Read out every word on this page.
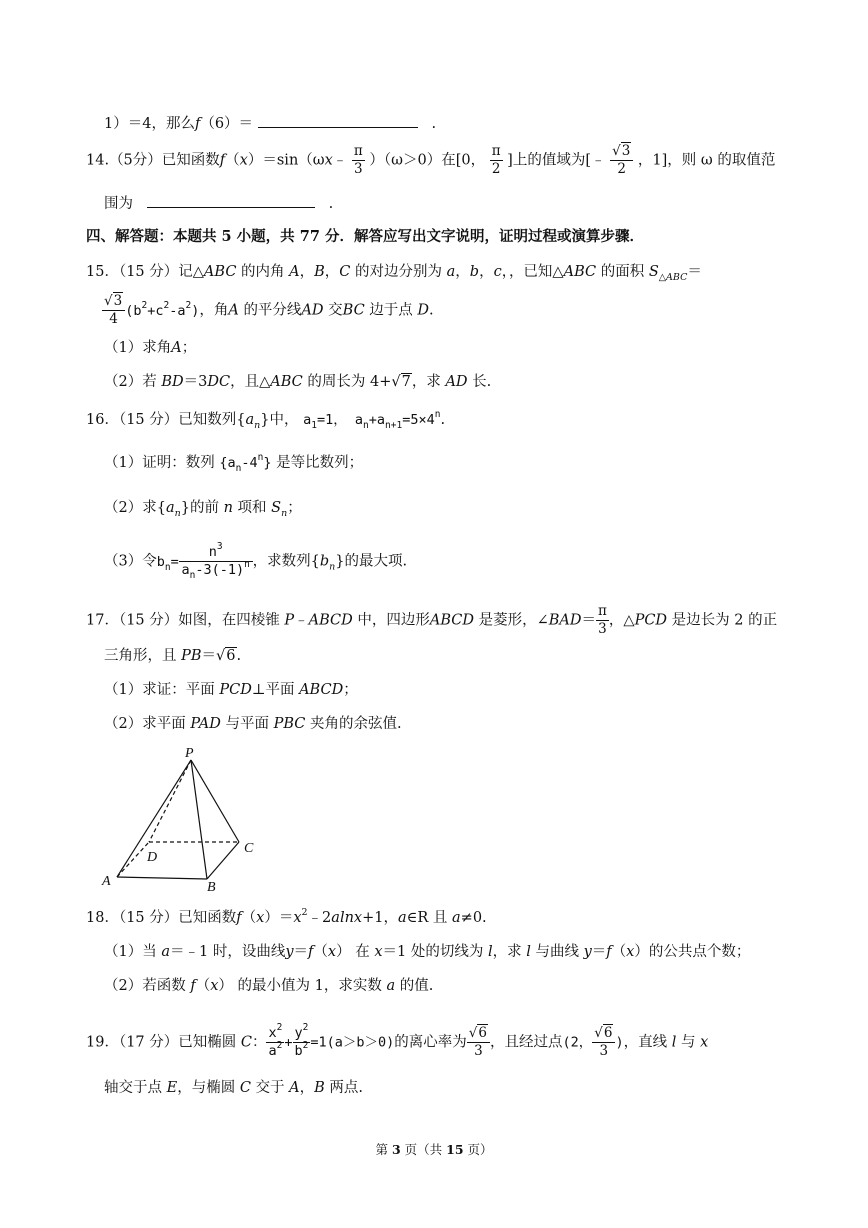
1）＝4，那么f（6）＝	.
14.（5分）已知函数f（x）＝sin（ωx﹣ $\frac{\pi}{3} )(\omega>0)$在[0， $\frac{\pi}{2}$ ]上的值域为[﹣ $\frac{√3}{2}$ ，1]，则 ω 的取值范
围为	.
四、解答题：本题共 5 小题，共 77 分．解答应写出文字说明，证明过程或演算步骤．
15．（15 分）记△ABC 的内角 A，B，C 的对边分别为 a，b，c，，已知△ABC 的面积 $S_{\triangle ABC}=$
$\frac{√3}{4} (b^2+c^2-a^2)$，角A 的平分线AD 交BC 边于点 D.
（1）求角A；
（2）若 BD＝3DC，且△ABC 的周长为 4+√7，求 AD 长.
16．（15 分）已知数列$\{a_n\}$中， $a_1=1$， $a_n+a_{n+1}=5\times 4^n$.
（1）证明：数列 $\{a_n-4^n\}$ 是等比数列；
（2）求$\{a_n\}$的前 n 项和 $S_n$；
（3）令$b_n= \frac{n^3}{a_n-3(-1)^n}$ ，求数列$\{b_n\}$的最大项.
17．（15 分）如图，在四棱锥 P﹣ABCD 中，四边形ABCD 是菱形，∠BAD＝ $\frac{\pi}{3}$ ，△PCD 是边长为 2 的正
三角形，且 PB＝√6.
（1）求证：平面 PCD⊥平面 ABCD；
（2）求平面 PAD 与平面 PBC 夹角的余弦值.
P
A	B
C
D
18．（15 分）已知函数$f(x)=x^2﹣2alnx+1$，a∈R 且 a≠0.
（1）当 a＝﹣1 时，设曲线y＝f（x） 在 x＝1 处的切线为 l，求 l 与曲线 y＝f（x）的公共点个数；
（2）若函数 f（x） 的最小值为 1，求实数 a 的值.
19．（17 分）已知椭圆 C： $\frac{x^2}{a^2} + \frac{y^2}{b^2} =1(a>b>0)$的离心率为 $\frac{√6}{3}$ ，且经过点(2， $\frac{√6}{3}$ )，直线 l 与 x
轴交于点 E，与椭圆 C 交于 A，B 两点.
第 3 页（共 15 页）
